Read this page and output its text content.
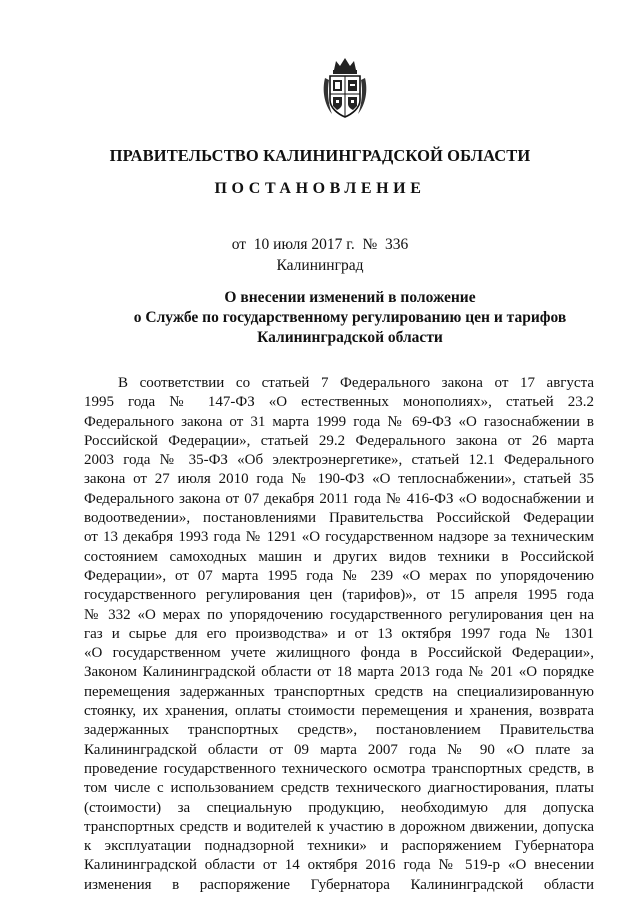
ПРАВИТЕЛЬСТВО КАЛИНИНГРАДСКОЙ ОБЛАСТИ
ПОСТАНОВЛЕНИЕ
от 10 июля 2017 г. № 336
Калининград
О внесении изменений в положение
о Службе по государственному регулированию цен и тарифов
Калининградской области
В соответствии со статьей 7 Федерального закона от 17 августа
1995 года № 147-ФЗ «О естественных монополиях», статьей 23.2
Федерального закона от 31 марта 1999 года № 69-ФЗ «О газоснабжении в
Российской Федерации», статьей 29.2 Федерального закона от 26 марта
2003 года № 35-ФЗ «Об электроэнергетике», статьей 12.1 Федерального
закона от 27 июля 2010 года № 190-ФЗ «О теплоснабжении», статьей 35
Федерального закона от 07 декабря 2011 года № 416-ФЗ «О водоснабжении и
водоотведении», постановлениями Правительства Российской Федерации
от 13 декабря 1993 года № 1291 «О государственном надзоре за техническим
состоянием самоходных машин и других видов техники в Российской
Федерации», от 07 марта 1995 года № 239 «О мерах по упорядочению
государственного регулирования цен (тарифов)», от 15 апреля 1995 года
№ 332 «О мерах по упорядочению государственного регулирования цен на
газ и сырье для его производства» и от 13 октября 1997 года № 1301
«О государственном учете жилищного фонда в Российской Федерации»,
Законом Калининградской области от 18 марта 2013 года № 201 «О порядке
перемещения задержанных транспортных средств на специализированную
стоянку, их хранения, оплаты стоимости перемещения и хранения, возврата
задержанных транспортных средств», постановлением Правительства
Калининградской области от 09 марта 2007 года № 90 «О плате за
проведение государственного технического осмотра транспортных средств, в
том числе с использованием средств технического диагностирования, платы
(стоимости) за специальную продукцию, необходимую для допуска
транспортных средств и водителей к участию в дорожном движении, допуска
к эксплуатации поднадзорной техники» и распоряжением Губернатора
Калининградской области от 14 октября 2016 года № 519-р «О внесении
изменения в распоряжение Губернатора Калининградской области
